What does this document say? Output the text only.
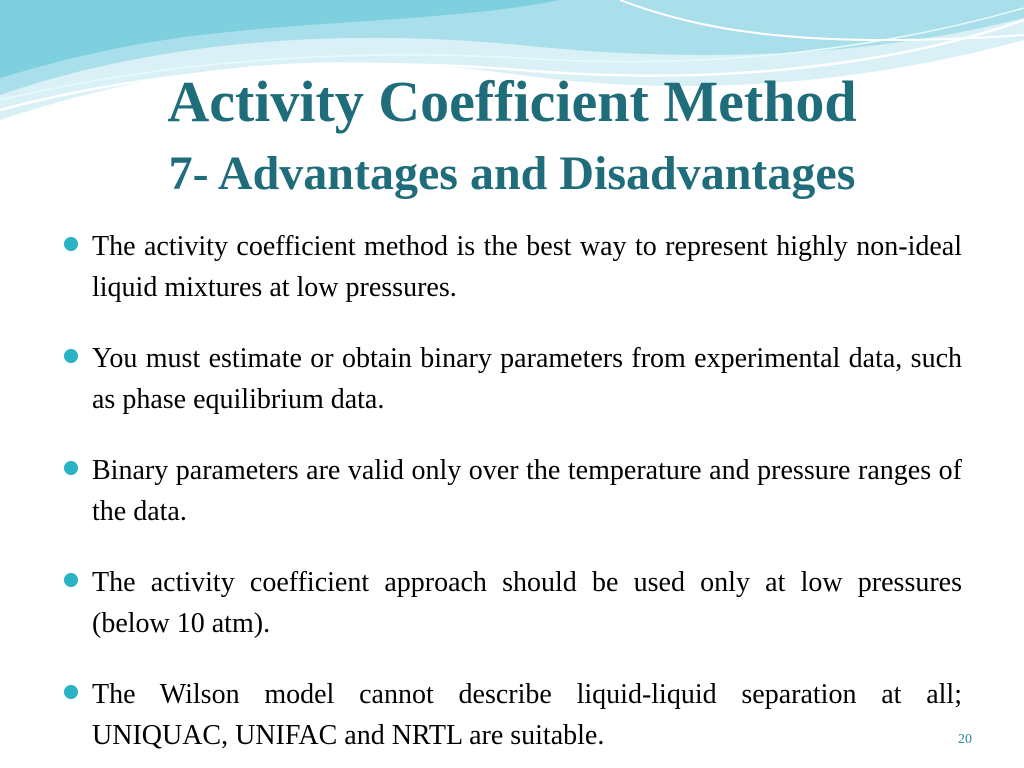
Activity Coefficient Method
7- Advantages and Disadvantages
The activity coefficient method is the best way to represent highly non-ideal liquid mixtures at low pressures.
You must estimate or obtain binary parameters from experimental data, such as phase equilibrium data.
Binary parameters are valid only over the temperature and pressure ranges of the data.
The activity coefficient approach should be used only at low pressures (below 10 atm).
The Wilson model cannot describe liquid-liquid separation at all; UNIQUAC, UNIFAC and NRTL are suitable.	20
